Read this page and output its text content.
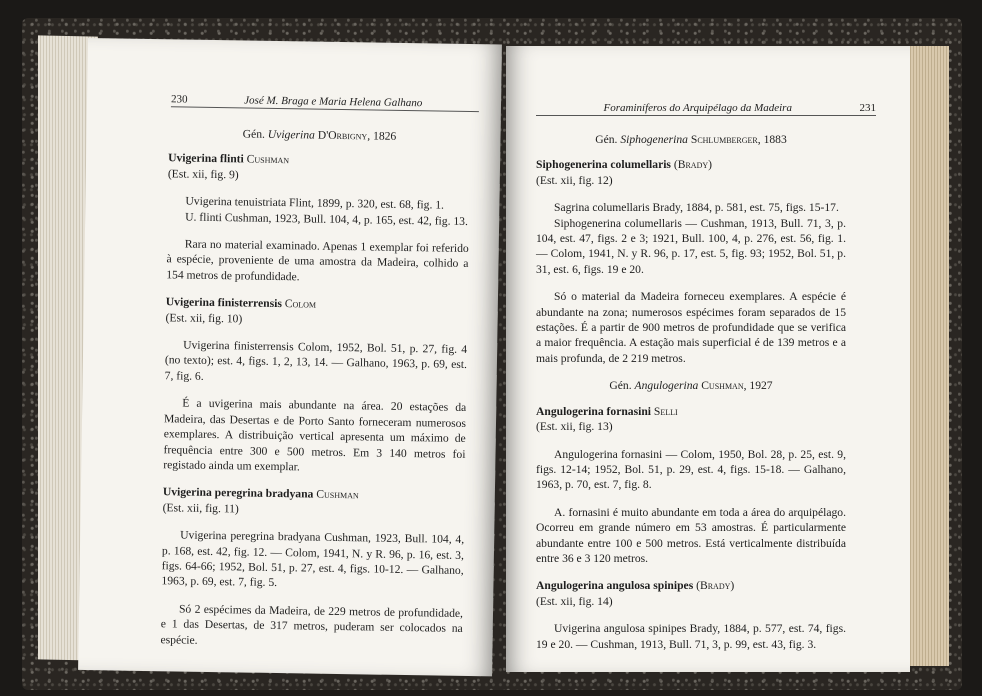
230	José M. Braga e Maria Helena Galhano

Gén. Uvigerina D'Orbigny, 1826

Uvigerina flinti Cushman

(Est. xii, fig. 9)

Uvigerina tenuistriata Flint, 1899, p. 320, est. 68, fig. 1.

U. flinti Cushman, 1923, Bull. 104, 4, p. 165, est. 42, fig. 13.

Rara no material examinado. Apenas 1 exemplar foi referido à espécie, proveniente de uma amostra da Madeira, colhido a 154 metros de profundidade.

Uvigerina finisterrensis Colom

(Est. xii, fig. 10)

Uvigerina finisterrensis Colom, 1952, Bol. 51, p. 27, fig. 4 (no texto); est. 4, figs. 1, 2, 13, 14. — Galhano, 1963, p. 69, est. 7, fig. 6.

É a uvigerina mais abundante na área. 20 estações da Madeira, das Desertas e de Porto Santo forneceram numerosos exemplares. A distribuição vertical apresenta um máximo de frequência entre 300 e 500 metros. Em 3 140 metros foi registado ainda um exemplar.

Uvigerina peregrina bradyana Cushman

(Est. xii, fig. 11)

Uvigerina peregrina bradyana Cushman, 1923, Bull. 104, 4, p. 168, est. 42, fig. 12. — Colom, 1941, N. y R. 96, p. 16, est. 3, figs. 64-66; 1952, Bol. 51, p. 27, est. 4, figs. 10-12. — Galhano, 1963, p. 69, est. 7, fig. 5.

Só 2 espécimes da Madeira, de 229 metros de profundidade, e 1 das Desertas, de 317 metros, puderam ser colocados na espécie.

Foraminíferos do Arquipélago da Madeira	231

Gén. Siphogenerina Schlumberger, 1883

Siphogenerina columellaris (Brady)

(Est. xii, fig. 12)

Sagrina columellaris Brady, 1884, p. 581, est. 75, figs. 15-17.

Siphogenerina columellaris — Cushman, 1913, Bull. 71, 3, p. 104, est. 47, figs. 2 e 3; 1921, Bull. 100, 4, p. 276, est. 56, fig. 1. — Colom, 1941, N. y R. 96, p. 17, est. 5, fig. 93; 1952, Bol. 51, p. 31, est. 6, figs. 19 e 20.

Só o material da Madeira forneceu exemplares. A espécie é abundante na zona; numerosos espécimes foram separados de 15 estações. É a partir de 900 metros de profundidade que se verifica a maior frequência. A estação mais superficial é de 139 metros e a mais profunda, de 2 219 metros.

Gén. Angulogerina Cushman, 1927

Angulogerina fornasini Selli

(Est. xii, fig. 13)

Angulogerina fornasini — Colom, 1950, Bol. 28, p. 25, est. 9, figs. 12-14; 1952, Bol. 51, p. 29, est. 4, figs. 15-18. — Galhano, 1963, p. 70, est. 7, fig. 8.

A. fornasini é muito abundante em toda a área do arquipélago. Ocorreu em grande número em 53 amostras. É particularmente abundante entre 100 e 500 metros. Está verticalmente distribuída entre 36 e 3 120 metros.

Angulogerina angulosa spinipes (Brady)

(Est. xii, fig. 14)

Uvigerina angulosa spinipes Brady, 1884, p. 577, est. 74, figs. 19 e 20. — Cushman, 1913, Bull. 71, 3, p. 99, est. 43, fig. 3.
